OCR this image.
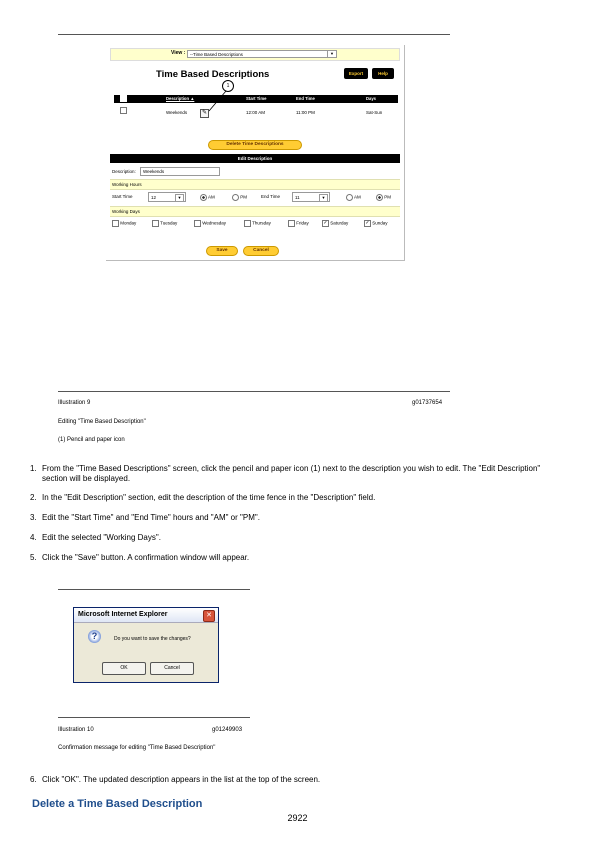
View :	--Time Based Descriptions	▼
Time Based Descriptions	Export	Help
1
Description ▲	Start Time	End Time	Days
Weekends	✎	12:00 AM	11:00 PM	Sat-Sun
Delete Time Descriptions
Edit Description
Description:	Weekends
Working Hours
Start Time	12	▼	AM	PM	End Time	11	▼	AM	PM
Working Days
Monday	Tuesday	Wednesday	Thursday	Friday ✓	Saturday ✓	Sunday
Save	Cancel
Illustration 9	g01737654
Editing "Time Based Description"
(1) Pencil and paper icon
1. From the "Time Based Descriptions" screen, click the pencil and paper icon (1) next to the description you wish to edit. The "Edit Description" section will be displayed.
2. In the "Edit Description" section, edit the description of the time fence in the "Description" field.
3. Edit the "Start Time" and "End Time" hours and "AM" or "PM".
4. Edit the selected "Working Days".
5. Click the "Save" button. A confirmation window will appear.
Microsoft Internet Explorer	✕
?	Do you want to save the changes?
OK	Cancel
Illustration 10	g01249903
Confirmation message for editing "Time Based Description"
6. Click "OK". The updated description appears in the list at the top of the screen.
Delete a Time Based Description
2922
